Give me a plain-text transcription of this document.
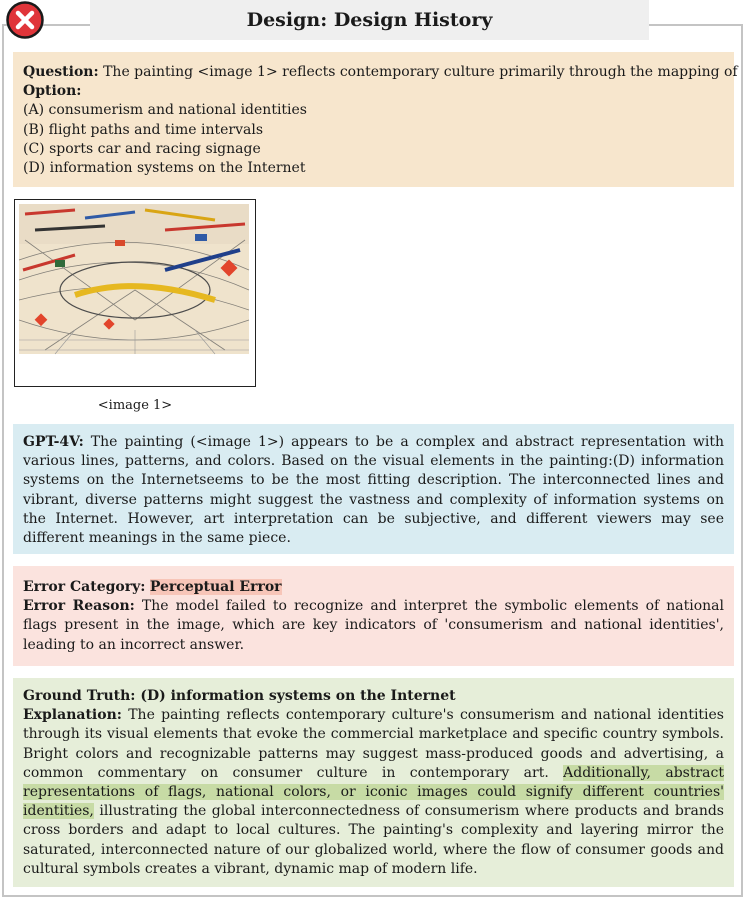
Design: Design History
Question: The painting <image 1> reflects contemporary culture primarily through the mapping of
Option:
(A) consumerism and national identities
(B) flight paths and time intervals
(C) sports car and racing signage
(D) information systems on the Internet
<image 1>
GPT-4V: The painting (<image 1>) appears to be a complex and abstract representation with various lines, patterns, and colors. Based on the visual elements in the painting:(D) information systems on the Internetseems to be the most fitting description. The interconnected lines and vibrant, diverse patterns might suggest the vastness and complexity of information systems on the Internet. However, art interpretation can be subjective, and different viewers may see different meanings in the same piece.
Error Category: Perceptual Error
Error Reason: The model failed to recognize and interpret the symbolic elements of national flags present in the image, which are key indicators of 'consumerism and national identities', leading to an incorrect answer.
Ground Truth: (D) information systems on the Internet
Explanation: The painting reflects contemporary culture's consumerism and national identities through its visual elements that evoke the commercial marketplace and specific country symbols. Bright colors and recognizable patterns may suggest mass-produced goods and advertising, a common commentary on consumer culture in contemporary art. Additionally, abstract representations of flags, national colors, or iconic images could signify different countries' identities, illustrating the global interconnectedness of consumerism where products and brands cross borders and adapt to local cultures. The painting's complexity and layering mirror the saturated, interconnected nature of our globalized world, where the flow of consumer goods and cultural symbols creates a vibrant, dynamic map of modern life.
